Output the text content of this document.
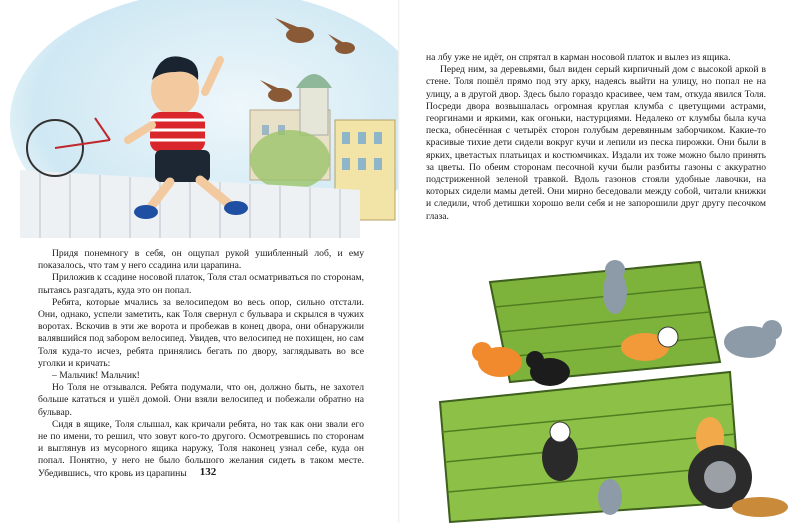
Придя понемногу в себя, он ощупал рукой ушибленный лоб, и ему показалось, что там у него ссадина или царапина.

Приложив к ссадине носовой платок, Толя стал осматриваться по сторонам, пытаясь разгадать, куда это он попал.

Ребята, которые мчались за велосипедом во весь опор, сильно отстали. Они, однако, успели заметить, как Толя свернул с бульвара и скрылся в чужих воротах. Вскочив в эти же ворота и пробежав в конец двора, они обнаружили валявшийся под забором велосипед. Увидев, что велосипед не похищен, но сам Толя куда-то исчез, ребята принялись бегать по двору, заглядывать во все уголки и кричать:

– Мальчик! Мальчик!

Но Толя не отзывался. Ребята подумали, что он, должно быть, не захотел больше кататься и ушёл домой. Они взяли велосипед и побежали обратно на бульвар.

Сидя в ящике, Толя слышал, как кричали ребята, но так как они звали его не по имени, то решил, что зовут кого-то другого. Осмотревшись по сторонам и выглянув из мусорного ящика наружу, Толя наконец узнал себе, куда он попал. Понятно, у него не было большого желания сидеть в таком месте. Убедившись, что кровь из царапины	132

на лбу уже не идёт, он спрятал в карман носовой платок и вылез из ящика.

Перед ним, за деревьями, был виден серый кирпичный дом с высокой аркой в стене. Толя пошёл прямо под эту арку, надеясь выйти на улицу, но попал не на улицу, а в другой двор. Здесь было гораздо красивее, чем там, откуда явился Толя. Посреди двора возвышалась огромная круглая клумба с цветущими астрами, георгинами и яркими, как огоньки, настурциями. Недалеко от клумбы была куча песка, обнесённая с четырёх сторон голубым деревянным заборчиком. Какие-то красивые тихие дети сидели вокруг кучи и лепили из песка пирожки. Они были в ярких, цветастых платьицах и костюмчиках. Издали их тоже можно было принять за цветы. По обеим сторонам песочной кучи были разбиты газоны с аккуратно подстриженной зеленой травкой. Вдоль газонов стояли удобные лавочки, на которых сидели мамы детей. Они мирно беседовали между собой, читали книжки и следили, чтоб детишки хорошо вели себя и не запорошили друг другу песочком глаза.
